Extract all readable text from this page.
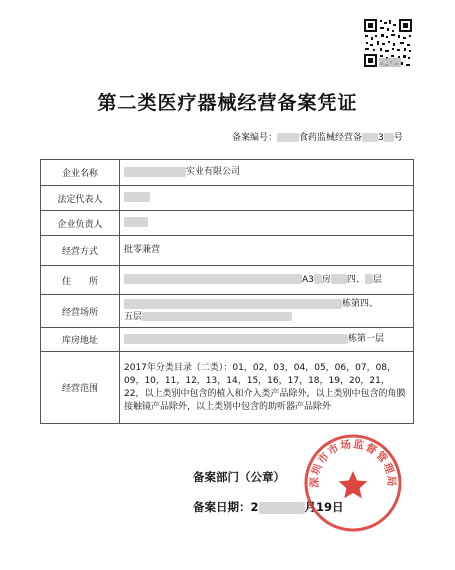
第二类医疗器械经营备案凭证
备案编号： 食药监械经营备 3 号
企业名称	实业有限公司
法定代表人	
企业负责人	
经营方式	批零兼营
住　　所	A3 房 四、 层
经营场所	栋第四、
五层
库房地址	栋第一层
经营范围	2017年分类目录（二类）：01，02，03，04，05，06，07，08，09，10，11，12，13，14，15，16，17，18，19，20，21，22，以上类别中包含的植入和介入类产品除外，以上类别中包含的角膜接触镜产品除外，以上类别中包含的助听器产品除外
备案部门（公章）
备案日期：2	月19日
深圳市市场监督管理局
